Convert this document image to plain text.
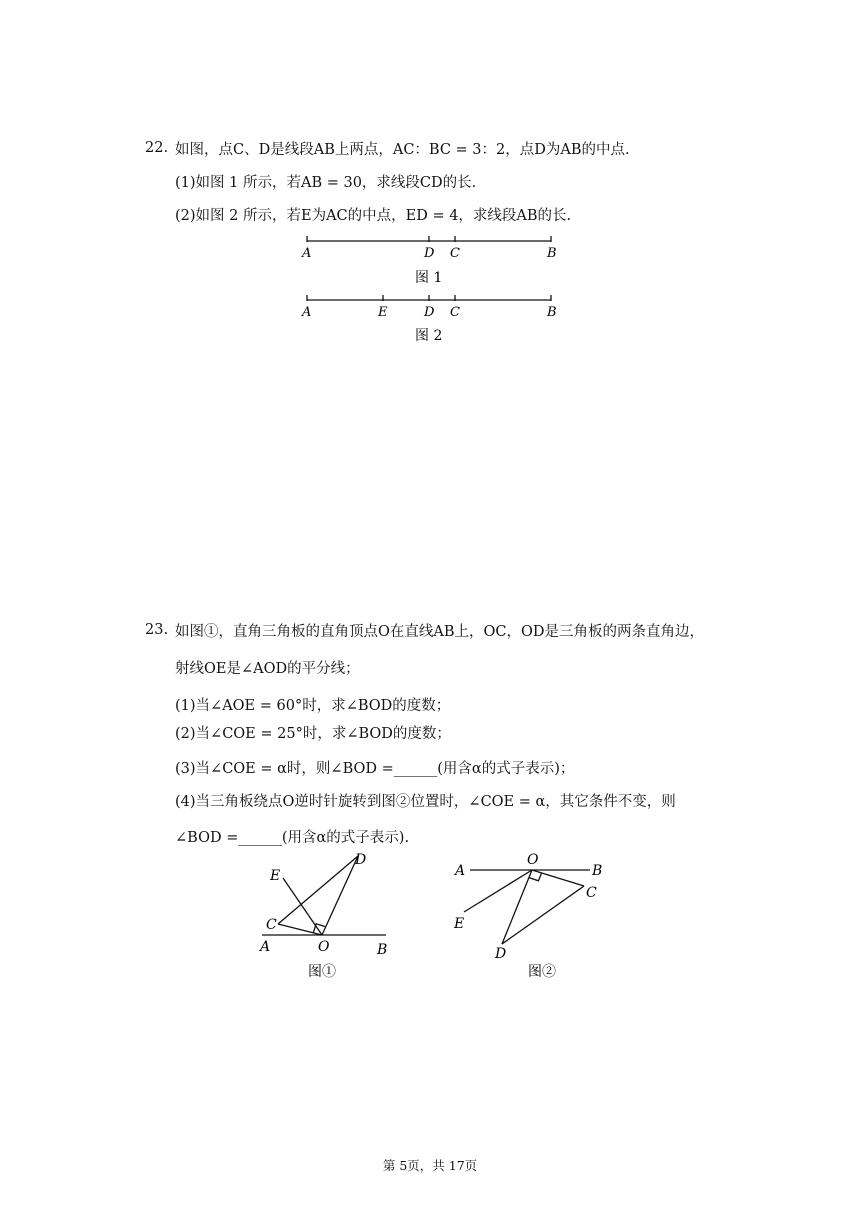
22. 如图，点C、D是线段AB上两点，AC：BC = 3：2，点D为AB的中点.
(1)如图 1 所示，若AB = 30，求线段CD的长.
(2)如图 2 所示，若E为AC的中点，ED = 4，求线段AB的长.
A	D C	B
图 1
A	E	D C	B
图 2
23. 如图①，直角三角板的直角顶点O在直线AB上，OC，OD是三角板的两条直角边，
射线OE是∠AOD的平分线；
(1)当∠AOE = 60°时，求∠BOD的度数；
(2)当∠COE = 25°时，求∠BOD的度数；
(3)当∠COE = α时，则∠BOD =______(用含α的式子表示)；
(4)当三角板绕点O逆时针旋转到图②位置时，∠COE = α，其它条件不变，则
∠BOD =______(用含α的式子表示).
E
D
C
A	O	B
图①
A
O
B
C
E
D
图②
第 5页，共 17页
